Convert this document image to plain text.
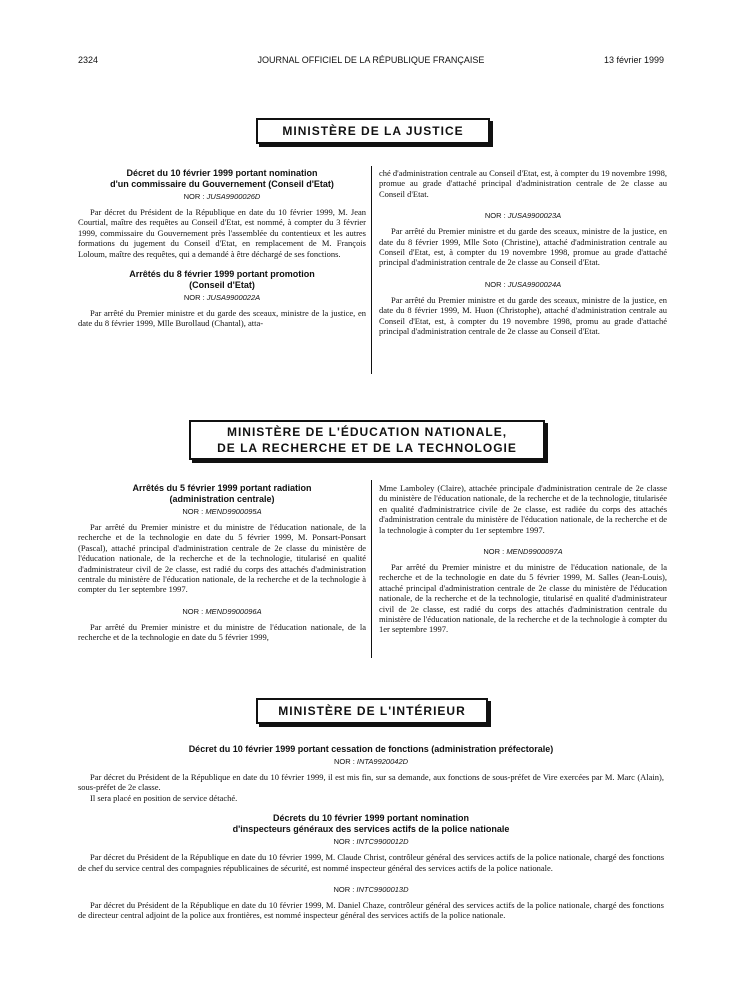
2324	JOURNAL OFFICIEL DE LA RÉPUBLIQUE FRANÇAISE	13 février 1999
MINISTÈRE DE LA JUSTICE

Décret du 10 février 1999 portant nomination
d'un commissaire du Gouvernement (Conseil d'Etat)

NOR : JUSA9900026D

Par décret du Président de la République en date du 10 février 1999, M. Jean Courtial, maître des requêtes au Conseil d'Etat, est nommé, à compter du 3 février 1999, commissaire du Gouvernement près l'assemblée du contentieux et les autres formations du jugement du Conseil d'Etat, en remplacement de M. François Loloum, maître des requêtes, qui a demandé à être déchargé de ses fonctions.

Arrêtés du 8 février 1999 portant promotion
(Conseil d'Etat)

NOR : JUSA9900022A

Par arrêté du Premier ministre et du garde des sceaux, ministre de la justice, en date du 8 février 1999, Mlle Burollaud (Chantal), atta-

ché d'administration centrale au Conseil d'Etat, est, à compter du 19 novembre 1998, promue au grade d'attaché principal d'administration centrale de 2e classe au Conseil d'Etat.

NOR : JUSA9900023A

Par arrêté du Premier ministre et du garde des sceaux, ministre de la justice, en date du 8 février 1999, Mlle Soto (Christine), attaché d'administration centrale au Conseil d'Etat, est, à compter du 19 novembre 1998, promue au grade d'attaché principal d'administration centrale de 2e classe au Conseil d'Etat.

NOR : JUSA9900024A

Par arrêté du Premier ministre et du garde des sceaux, ministre de la justice, en date du 8 février 1999, M. Huon (Christophe), attaché d'administration centrale au Conseil d'Etat, est, à compter du 19 novembre 1998, promu au grade d'attaché principal d'administration centrale de 2e classe au Conseil d'Etat.

MINISTÈRE DE L'ÉDUCATION NATIONALE,
DE LA RECHERCHE ET DE LA TECHNOLOGIE

Arrêtés du 5 février 1999 portant radiation
(administration centrale)

NOR : MEND9900095A

Par arrêté du Premier ministre et du ministre de l'éducation nationale, de la recherche et de la technologie en date du 5 février 1999, M. Ponsart-Ponsart (Pascal), attaché principal d'administration centrale de 2e classe du ministère de l'éducation nationale, de la recherche et de la technologie, titularisé en qualité d'administrateur civil de 2e classe, est radié du corps des attachés d'administration centrale du ministère de l'éducation nationale, de la recherche et de la technologie à compter du 1er septembre 1997.

NOR : MEND9900096A

Par arrêté du Premier ministre et du ministre de l'éducation nationale, de la recherche et de la technologie en date du 5 février 1999,

Mme Lamboley (Claire), attachée principale d'administration centrale de 2e classe du ministère de l'éducation nationale, de la recherche et de la technologie, titularisée en qualité d'administratrice civile de 2e classe, est radiée du corps des attachés d'administration centrale du ministère de l'éducation nationale, de la recherche et de la technologie à compter du 1er septembre 1997.

NOR : MEND9900097A

Par arrêté du Premier ministre et du ministre de l'éducation nationale, de la recherche et de la technologie en date du 5 février 1999, M. Salles (Jean-Louis), attaché principal d'administration centrale de 2e classe du ministère de l'éducation nationale, de la recherche et de la technologie, titularisé en qualité d'administrateur civil de 2e classe, est radié du corps des attachés d'administration centrale du ministère de l'éducation nationale, de la recherche et de la technologie à compter du 1er septembre 1997.

MINISTÈRE DE L'INTÉRIEUR

Décret du 10 février 1999 portant cessation de fonctions (administration préfectorale)

NOR : INTA9920042D

Par décret du Président de la République en date du 10 février 1999, il est mis fin, sur sa demande, aux fonctions de sous-préfet de Vire exercées par M. Marc (Alain), sous-préfet de 2e classe.

Il sera placé en position de service détaché.

Décrets du 10 février 1999 portant nomination
d'inspecteurs généraux des services actifs de la police nationale

NOR : INTC9900012D

Par décret du Président de la République en date du 10 février 1999, M. Claude Christ, contrôleur général des services actifs de la police nationale, chargé des fonctions de chef du service central des compagnies républicaines de sécurité, est nommé inspecteur général des services actifs de la police nationale.

NOR : INTC9900013D

Par décret du Président de la République en date du 10 février 1999, M. Daniel Chaze, contrôleur général des services actifs de la police nationale, chargé des fonctions de directeur central adjoint de la police aux frontières, est nommé inspecteur général des services actifs de la police nationale.
